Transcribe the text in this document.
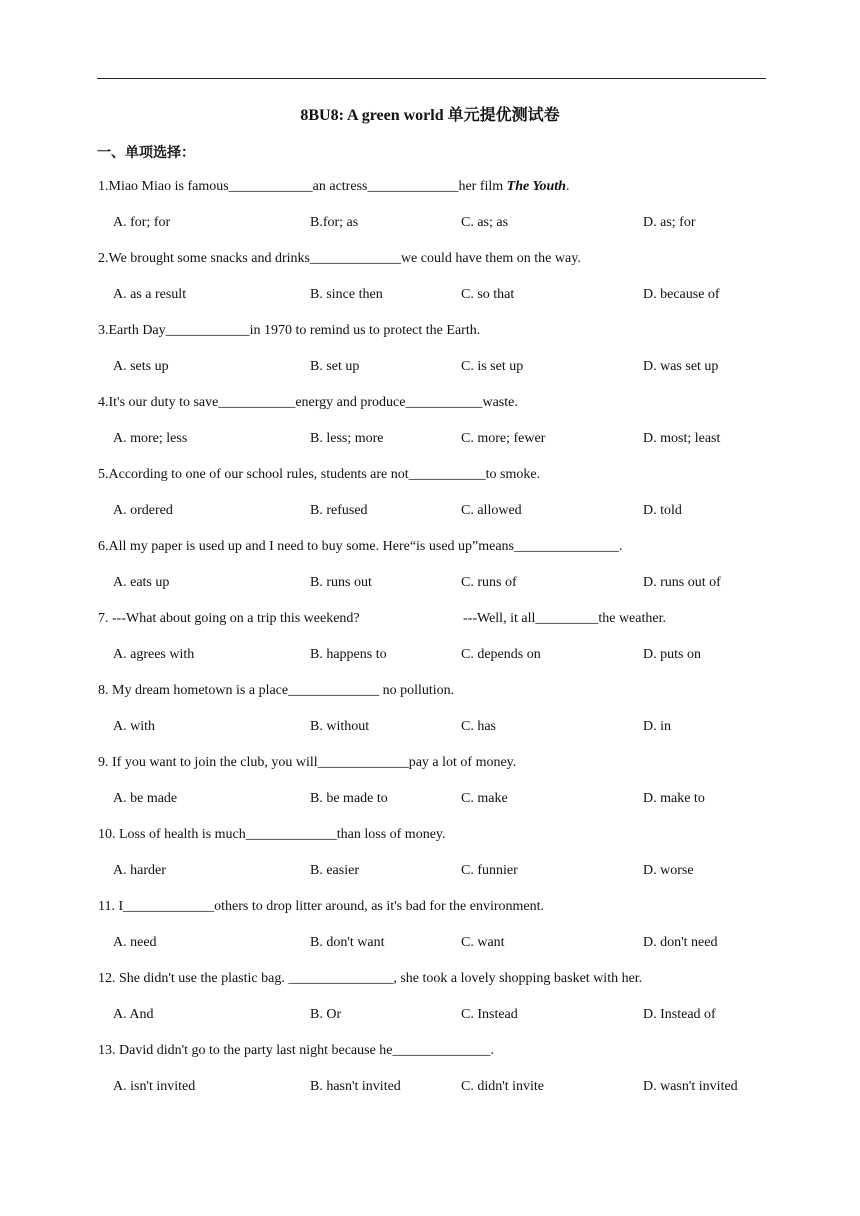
8BU8: A green world 单元提优测试卷
一、单项选择：
1.Miao Miao is famous____________an actress_____________her film The Youth.
A. for; for	B.for; as	C. as; as	D. as; for
2.We brought some snacks and drinks_____________we could have them on the way.
A. as a result	B. since then	C. so that	D. because of
3.Earth Day____________in 1970 to remind us to protect the Earth.
A. sets up	B. set up	C. is set up	D. was set up
4.It's our duty to save___________energy and produce___________waste.
A. more; less	B. less; more	C. more; fewer	D. most; least
5.According to one of our school rules, students are not___________to smoke.
A. ordered	B. refused	C. allowed	D. told
6.All my paper is used up and I need to buy some. Here“is used up”means_______________.
A. eats up	B. runs out	C. runs of	D. runs out of
7. ---What about going on a trip this weekend?	---Well, it all_________the weather.
A. agrees with	B. happens to	C. depends on	D. puts on
8. My dream hometown is a place_____________ no pollution.
A. with	B. without	C. has	D. in
9. If you want to join the club, you will_____________pay a lot of money.
A. be made	B. be made to	C. make	D. make to
10. Loss of health is much_____________than loss of money.
A. harder	B. easier	C. funnier	D. worse
11. I_____________others to drop litter around, as it's bad for the environment.
A. need	B. don't want	C. want	D. don't need
12. She didn't use the plastic bag. _______________, she took a lovely shopping basket with her.
A. And	B. Or	C. Instead	D. Instead of
13. David didn't go to the party last night because he______________.
A. isn't invited	B. hasn't invited	C. didn't invite	D. wasn't invited
